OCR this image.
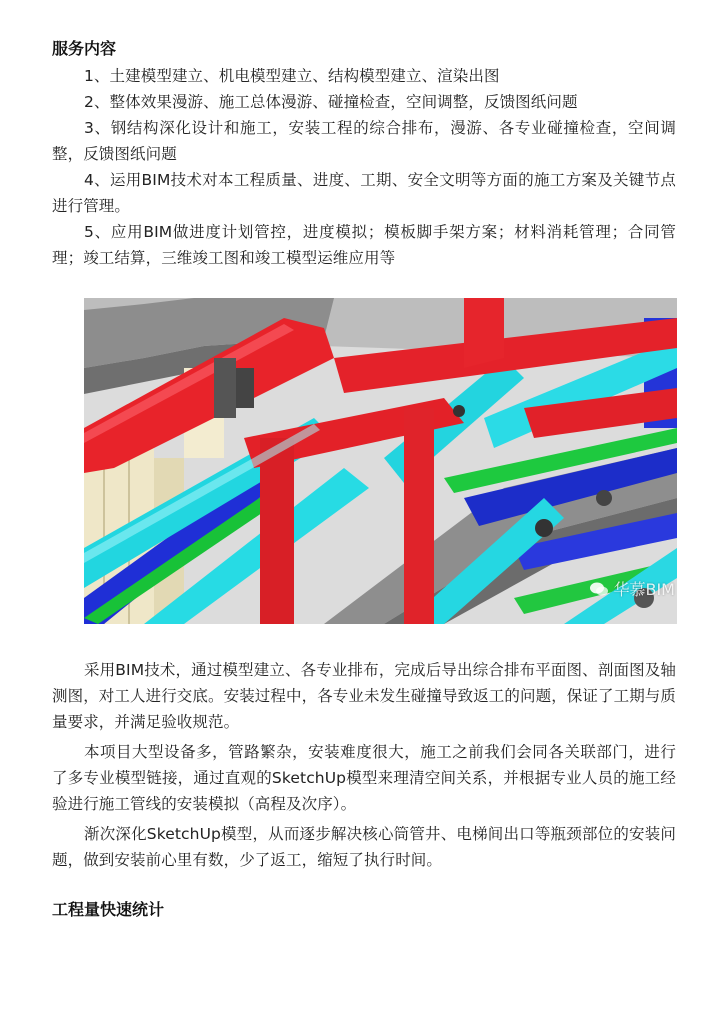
服务内容
1、土建模型建立、机电模型建立、结构模型建立、渲染出图
2、整体效果漫游、施工总体漫游、碰撞检查，空间调整，反馈图纸问题
3、钢结构深化设计和施工，安装工程的综合排布，漫游、各专业碰撞检查，空间调整，反馈图纸问题
4、运用BIM技术对本工程质量、进度、工期、安全文明等方面的施工方案及关键节点进行管理。
5、应用BIM做进度计划管控，进度模拟；模板脚手架方案；材料消耗管理；合同管理；竣工结算，三维竣工图和竣工模型运维应用等
华慕BIM
采用BIM技术，通过模型建立、各专业排布，完成后导出综合排布平面图、剖面图及轴测图，对工人进行交底。安装过程中，各专业未发生碰撞导致返工的问题，保证了工期与质量要求，并满足验收规范。
本项目大型设备多，管路繁杂，安装难度很大，施工之前我们会同各关联部门，进行了多专业模型链接，通过直观的SketchUp模型来理清空间关系，并根据专业人员的施工经验进行施工管线的安装模拟（高程及次序）。
渐次深化SketchUp模型，从而逐步解决核心筒管井、电梯间出口等瓶颈部位的安装问题，做到安装前心里有数，少了返工，缩短了执行时间。
工程量快速统计
